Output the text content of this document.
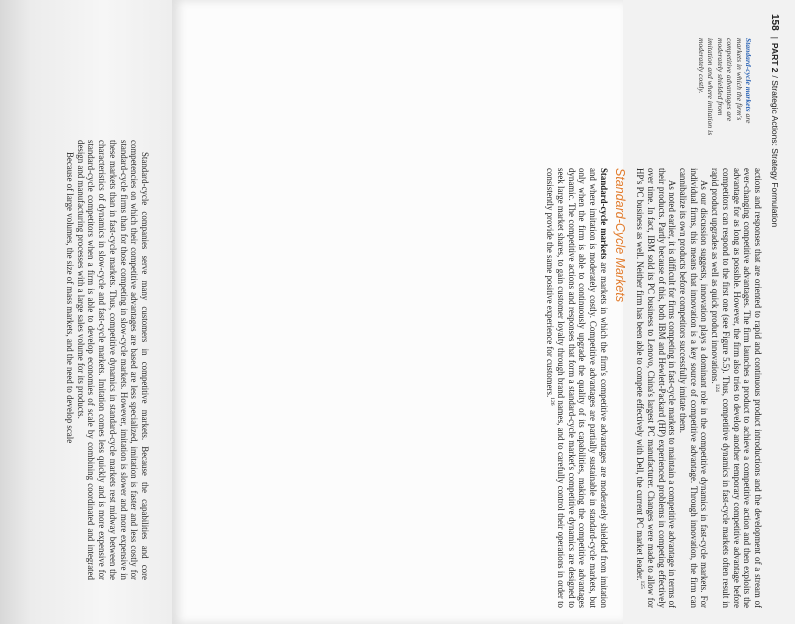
Standard-cycle companies serve many customers in competitive markets. Because the capabilities and core competencies on which their competitive advantages are based are less specialized, imitation is faster and less costly for standard-cycle firms than for those competing in slow-cycle markets. However, imitation is slower and more expensive in these markets than in fast-cycle markets. Thus, competitive dynamics in standard-cycle markets rest midway between the characteristics of dynamics in slow-cycle and fast-cycle markets. Imitation comes less quickly and is more expensive for standard-cycle competitors when a firm is able to develop economies of scale by combining coordinated and integrated design and manufacturing processes with a large sales volume for its products.

Because of large volumes, the size of mass markets, and the need to develop scale

158
|
PART 2
/ Strategic Actions: Strategy Formulation
Standard-cycle markets are markets in which the firm's competitive advantages are moderately shielded from imitation and where imitation is moderately costly.

actions and responses that are oriented to rapid and continuous product introductions and the development of a stream of ever-changing competitive advantages. The firm launches a product to achieve a competitive action and then exploits the advantage for as long as possible. However, the firm also tries to develop another temporary competitive advantage before competitors can respond to the first one (see Figure 5.5). Thus, competitive dynamics in fast-cycle markets often result in rapid product upgrades as well as quick product innovations.$^{124}$

As our discussion suggests, innovation plays a dominant role in the competitive dynamics in fast-cycle markets. For individual firms, this means that innovation is a key source of competitive advantage. Through innovation, the firm can cannibalize its own products before competitors successfully imitate them.

As noted earlier, it is difficult for firms competing in fast-cycle markets to maintain a competitive advantage in terms of their products. Partly because of this, both IBM and Hewlett-Packard (HP) experienced problems in competing effectively over time. In fact, IBM sold its PC business to Lenovo, China's largest PC manufacturer. Changes were made to allow for HP's PC business as well. Neither firm has been able to compete effectively with Dell, the current PC market leader.$^{125}$

Standard-Cycle Markets

Standard-cycle markets are markets in which the firm's competitive advantages are moderately shielded from imitation and where imitation is moderately costly. Competitive advantages are partially sustainable in standard-cycle markets, but only when the firm is able to continuously upgrade the quality of its capabilities, making the competitive advantages dynamic. The competitive actions and responses that form a standard-cycle market's competitive dynamics are designed to seek large market shares, to gain customer loyalty through brand names, and to carefully control their operations in order to consistently provide the same positive experience for customers.$^{126}$
